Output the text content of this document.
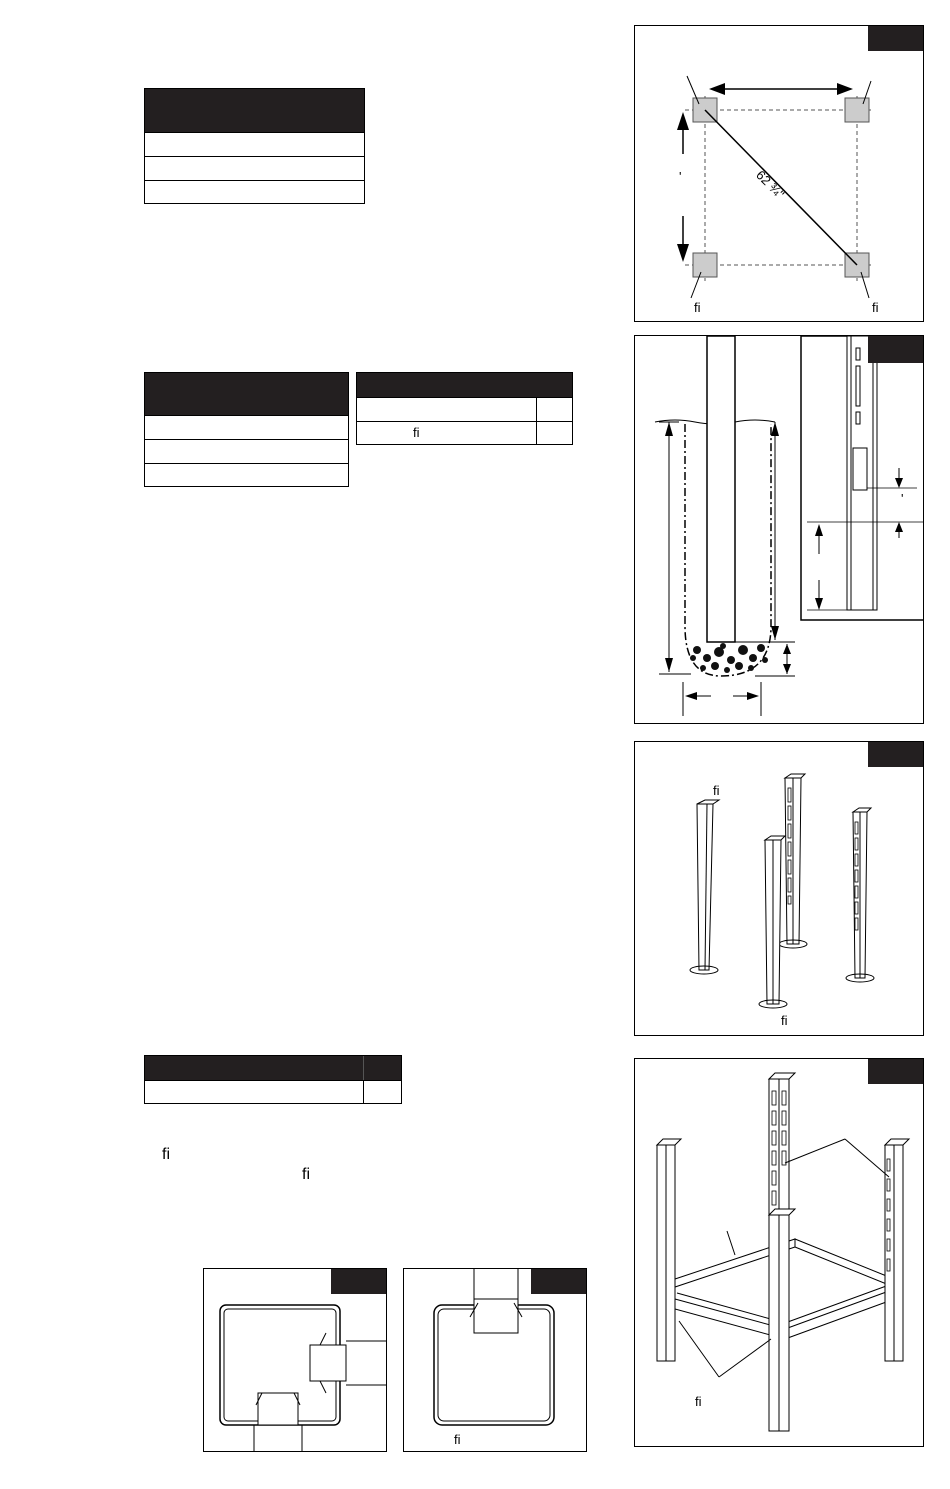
fi
fi
fi
62 ¾"
'
fi	fi
'
fi
fi
fi
fi
